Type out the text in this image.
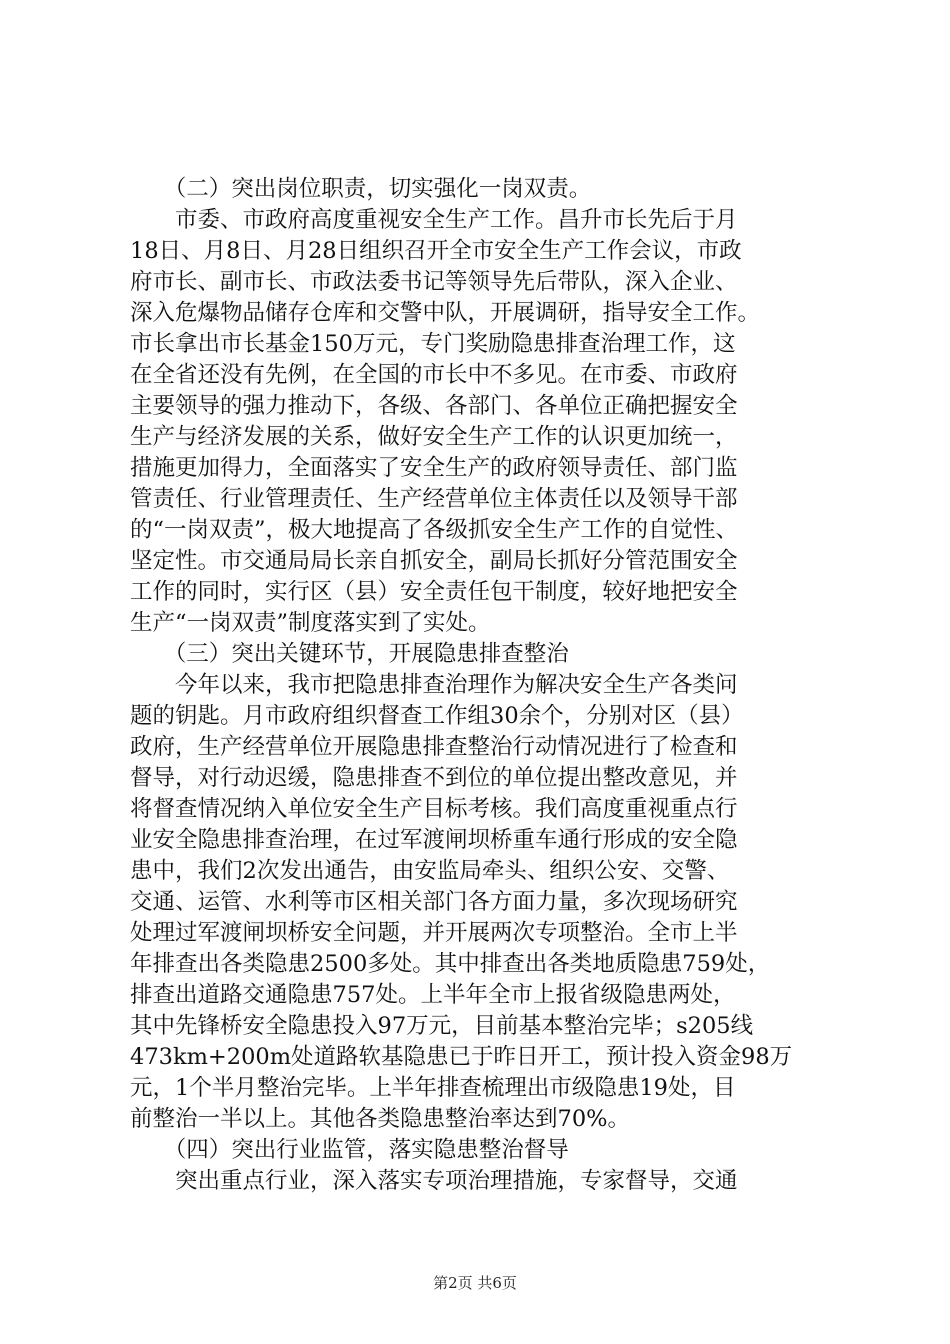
　　（二）突出岗位职责，切实强化一岗双责。
　　市委、市政府高度重视安全生产工作。昌升市长先后于月
18日、月8日、月28日组织召开全市安全生产工作会议，市政
府市长、副市长、市政法委书记等领导先后带队，深入企业、
深入危爆物品储存仓库和交警中队，开展调研，指导安全工作。
市长拿出市长基金150万元，专门奖励隐患排查治理工作，这
在全省还没有先例，在全国的市长中不多见。在市委、市政府
主要领导的强力推动下，各级、各部门、各单位正确把握安全
生产与经济发展的关系，做好安全生产工作的认识更加统一，
措施更加得力，全面落实了安全生产的政府领导责任、部门监
管责任、行业管理责任、生产经营单位主体责任以及领导干部
的“一岗双责”，极大地提高了各级抓安全生产工作的自觉性、
坚定性。市交通局局长亲自抓安全，副局长抓好分管范围安全
工作的同时，实行区（县）安全责任包干制度，较好地把安全
生产“一岗双责”制度落实到了实处。
　　（三）突出关键环节，开展隐患排查整治
　　今年以来，我市把隐患排查治理作为解决安全生产各类问
题的钥匙。月市政府组织督查工作组30余个，分别对区（县）
政府，生产经营单位开展隐患排查整治行动情况进行了检查和
督导，对行动迟缓，隐患排查不到位的单位提出整改意见，并
将督查情况纳入单位安全生产目标考核。我们高度重视重点行
业安全隐患排查治理，在过军渡闸坝桥重车通行形成的安全隐
患中，我们2次发出通告，由安监局牵头、组织公安、交警、
交通、运管、水利等市区相关部门各方面力量，多次现场研究
处理过军渡闸坝桥安全问题，并开展两次专项整治。全市上半
年排查出各类隐患2500多处。其中排查出各类地质隐患759处，
排查出道路交通隐患757处。上半年全市上报省级隐患两处，
其中先锋桥安全隐患投入97万元，目前基本整治完毕；s205线
473km+200m处道路软基隐患已于昨日开工，预计投入资金98万
元，1个半月整治完毕。上半年排查梳理出市级隐患19处，目
前整治一半以上。其他各类隐患整治率达到70%。
　　（四）突出行业监管，落实隐患整治督导
　　突出重点行业，深入落实专项治理措施，专家督导，交通
第2页 共6页
